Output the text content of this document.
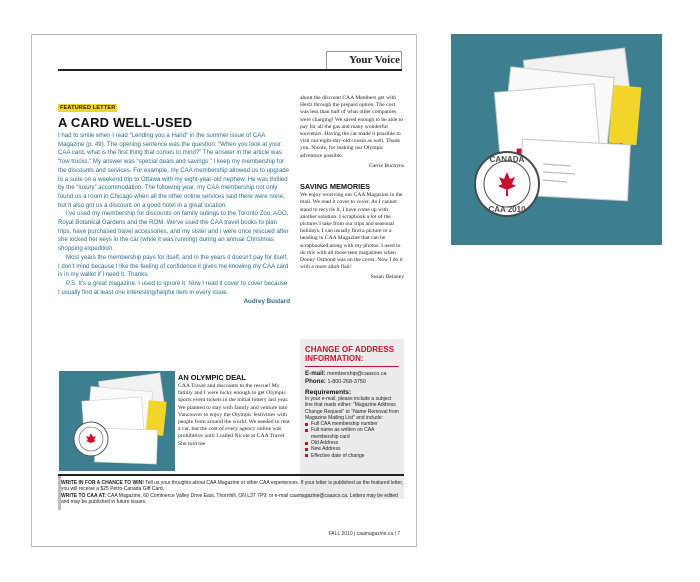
Your Voice
FEATURED LETTER
A CARD WELL-USED

I had to smile when I read “Lending you a Hand” in the summer issue of CAA Magazine (p. 49). The opening sentence was the question: “When you look at your CAA card, what is the first thing that comes to mind?” The answer in the article was “tow trucks.” My answer was “special deals and savings.” I keep my membership for the discounts and services. For example, my CAA membership allowed us to upgrade to a suite on a weekend trip to Ottawa with my eight-year-old nephew. He was thrilled by the “luxury” accommodation. The following year, my CAA membership not only found us a room in Chicago when all the other online services said there were none, but it also got us a discount on a good hotel in a great location.

I’ve used my membership for discounts on family outings to the Toronto Zoo, AGO, Royal Botanical Gardens and the ROM. We’ve used the CAA travel books to plan trips, have purchased travel accessories, and my sister and I were once rescued after she locked her keys in the car (while it was running) during an annual Christmas shopping expedition.

Most years the membership pays for itself, and in the years it doesn’t pay for itself, I don’t mind because I like the feeling of confidence it gives me knowing my CAA card is in my wallet if I need it. Thanks.

P.S. It’s a great magazine. I used to ignore it. Now I read it cover to cover because I usually find at least one interesting/helpful item in every issue.

Audrey Bustard

about the discount CAA Members get with Hertz through the prepaid option. The cost was less than half of what other companies were charging! We saved enough to be able to pay for all the gas and many wonderful souvenirs. Having the car made it possible to visit our eight-day-old cousin as well. Thank you, Nicole, for making our Olympic adventure possible.

Carrie Buchyns

SAVING MEMORIES

We enjoy receiving our CAA Magazine in the mail. We read it cover to cover. As I cannot stand to recycle it, I have come up with another solution. I scrapbook a lot of the pictures I take from our trips and seasonal holidays. I can usually find a picture or a heading in CAA Magazine that can be scrapbooked along with my photos. I used to do this with all those teen magazines when Donny Osmond was on the cover. Now I do it with a more adult flair!

Susan Delaney

CHANGE OF ADDRESS INFORMATION:
E-mail: membership@caasco.ca
Phone: 1-800-268-3750
Requirements:
In your e-mail, please include a subject line that reads either: “Magazine Address Change Request” or “Name Removal from Magazine Mailing List” and include:
Full CAA membership number
Full name as written on CAA membership card
Old Address
New Address
Effective date of change
AN OLYMPIC DEAL
CAA Travel and discounts to the rescue! My family and I were lucky enough to get Olympic sports event tickets in the initial lottery last year. We planned to stay with family and venture into Vancouver to enjoy the Olympic festivities with people from around the world. We needed to rent a car, but the cost of every agency online was prohibitive until I called Nicole at CAA Travel. She told me

WRITE IN FOR A CHANCE TO WIN! Tell us your thoughts about CAA Magazine or other CAA experiences. If your letter is published as the featured letter, you will receive a $25 Petro-Canada Gift Card.

WRITE TO CAA AT: CAA Magazine, 60 Commerce Valley Drive East, Thornhill, ON L3T 7P9; or e-mail caamagazine@caasco.ca. Letters may be edited and may be published in future issues.

FALL 2010 | caamagazine.ca | 7
CANADA
CAA 2010
